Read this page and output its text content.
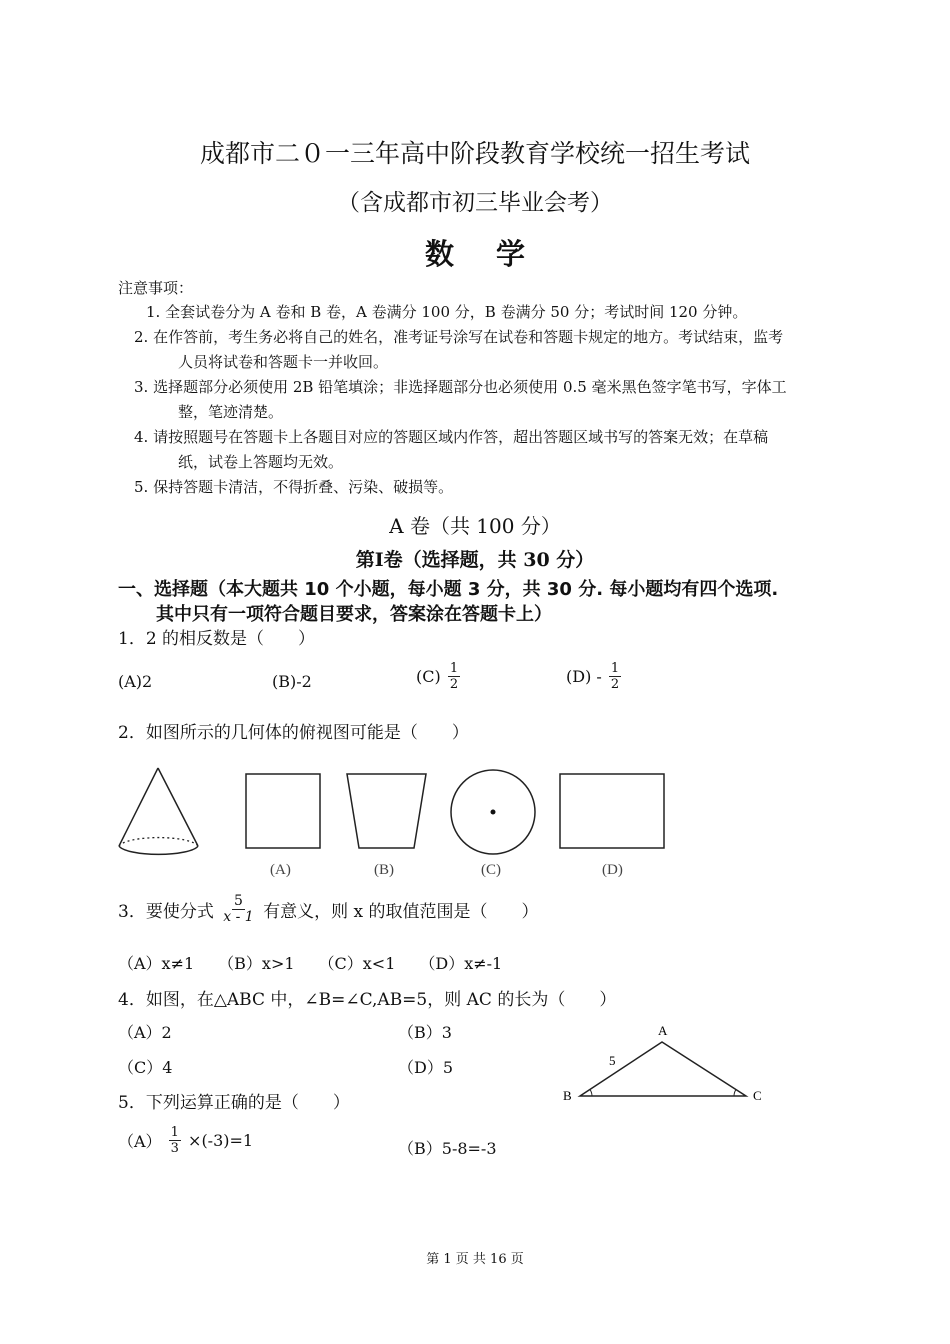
成都市二０一三年高中阶段教育学校统一招生考试
（含成都市初三毕业会考）
数学
注意事项：
1. 全套试卷分为 A 卷和 B 卷，A 卷满分 100 分，B 卷满分 50 分；考试时间 120 分钟。
2. 在作答前，考生务必将自己的姓名，准考证号涂写在试卷和答题卡规定的地方。考试结束，监考
人员将试卷和答题卡一并收回。
3. 选择题部分必须使用 2B 铅笔填涂；非选择题部分也必须使用 0.5 毫米黑色签字笔书写，字体工
整，笔迹清楚。
4. 请按照题号在答题卡上各题目对应的答题区域内作答，超出答题区域书写的答案无效；在草稿
纸，试卷上答题均无效。
5. 保持答题卡清洁，不得折叠、污染、破损等。
A 卷（共 100 分）
第Ⅰ卷（选择题，共 30 分）
一、选择题（本大题共 10 个小题，每小题 3 分，共 30 分. 每小题均有四个选项.
其中只有一项符合题目要求，答案涂在答题卡上）
1．2 的相反数是（　　）
(A)2	(B)-2	$(C) \frac{1}{2}$	$(D) - \frac{1}{2}$
2．如图所示的几何体的俯视图可能是（　　）
(A)	(B)	(C)	(D)
3．要使分式 $\frac{5}{x - 1}$ 有意义，则 x 的取值范围是（　　）
（A）x≠1　　（B）x>1　　（C）x<1　　（D）x≠-1
4．如图，在△ABC 中，∠B=∠C,AB=5，则 AC 的长为（　　）
（A）2	（B）3
（C）4	（D）5
A
B	C
5
5．下列运算正确的是（　　）
$(A) \frac{1}{3} \times(-3)=1$	（B）5-8=-3
第 1 页 共 16 页
